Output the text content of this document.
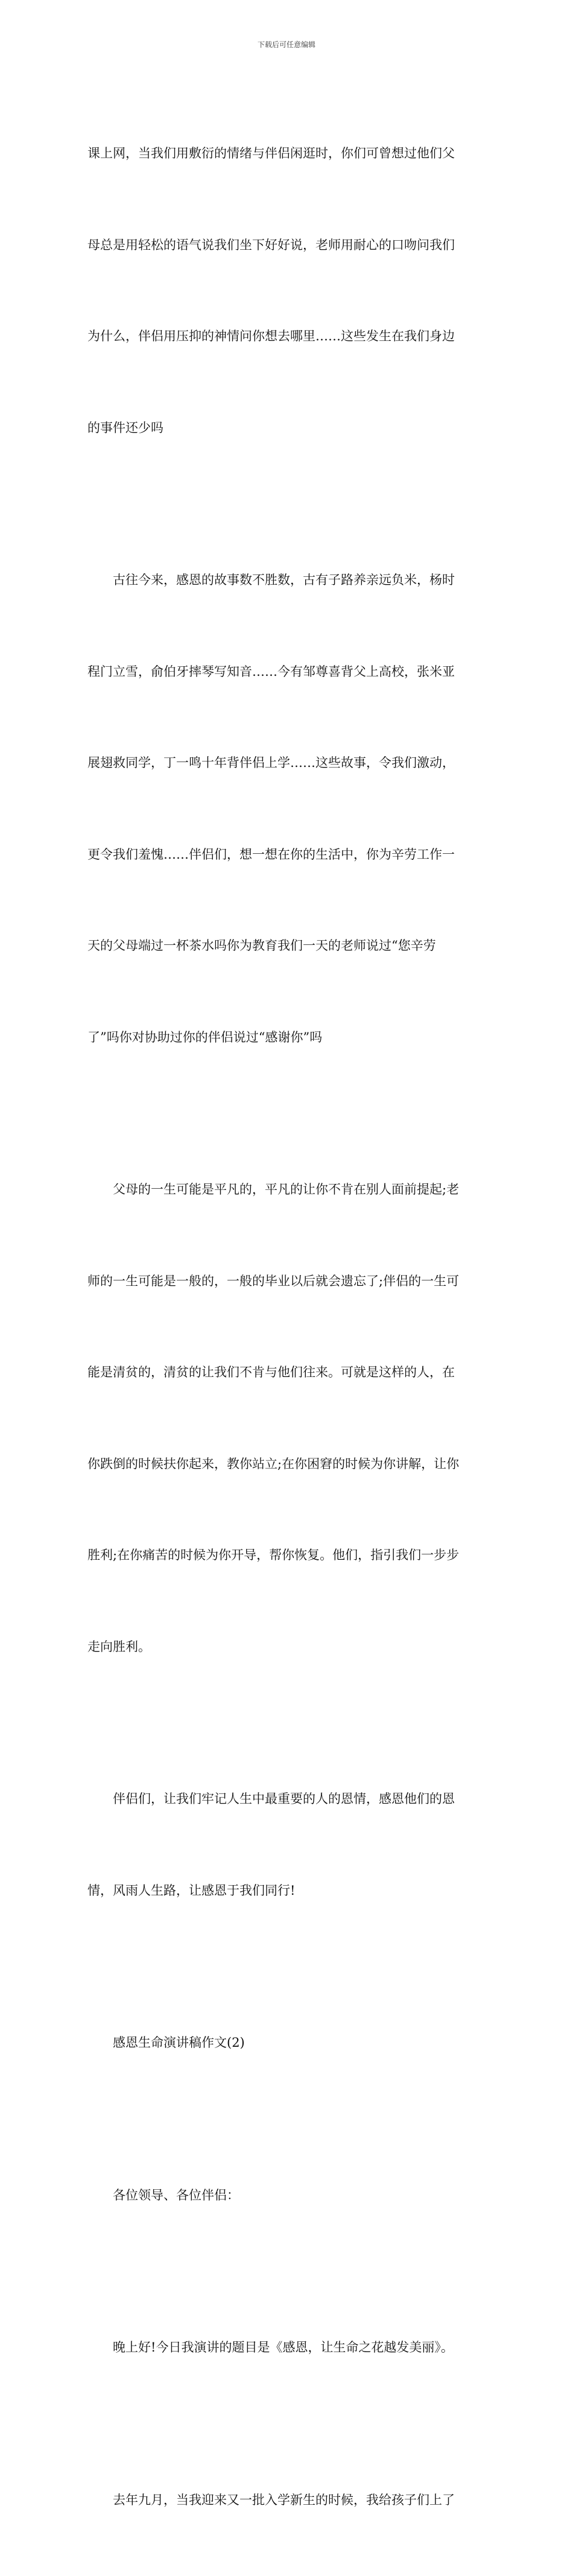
下载后可任意编辑

课上网，当我们用敷衍的情绪与伴侣闲逛时，你们可曾想过他们父

母总是用轻松的语气说我们坐下好好说，老师用耐心的口吻问我们

为什么，伴侣用压抑的神情问你想去哪里……这些发生在我们身边

的事件还少吗

古往今来，感恩的故事数不胜数，古有子路养亲远负米，杨时

程门立雪，俞伯牙摔琴写知音……今有邹尊喜背父上高校，张米亚

展翅救同学，丁一鸣十年背伴侣上学……这些故事，令我们激动，

更令我们羞愧……伴侣们，想一想在你的生活中，你为辛劳工作一

天的父母端过一杯茶水吗你为教育我们一天的老师说过“您辛劳

了”吗你对协助过你的伴侣说过“感谢你”吗

父母的一生可能是平凡的，平凡的让你不肯在别人面前提起;老

师的一生可能是一般的，一般的毕业以后就会遗忘了;伴侣的一生可

能是清贫的，清贫的让我们不肯与他们往来。可就是这样的人，在

你跌倒的时候扶你起来，教你站立;在你困窘的时候为你讲解，让你

胜利;在你痛苦的时候为你开导，帮你恢复。他们，指引我们一步步

走向胜利。

伴侣们，让我们牢记人生中最重要的人的恩情，感恩他们的恩

情，风雨人生路，让感恩于我们同行!

感恩生命演讲稿作文(2)

各位领导、各位伴侣：

晚上好!今日我演讲的题目是《感恩，让生命之花越发美丽》。

去年九月，当我迎来又一批入学新生的时候，我给孩子们上了
